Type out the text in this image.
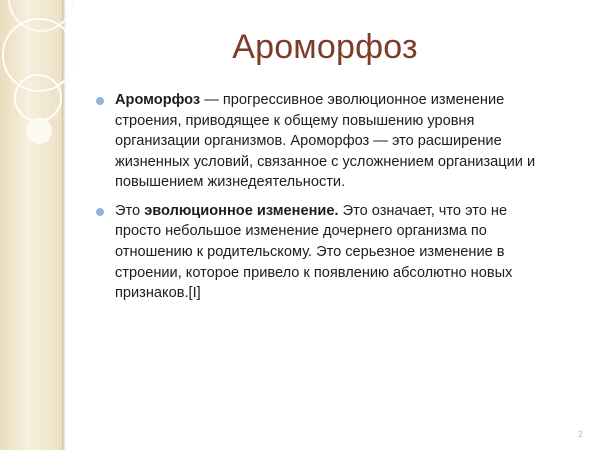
Ароморфоз
Ароморфоз — прогрессивное эволюционное изменение строения, приводящее к общему повышению уровня организации организмов. Ароморфоз — это расширение жизненных условий, связанное с усложнением организации и повышением жизнедеятельности.
Это эволюционное изменение. Это означает, что это не просто небольшое изменение дочернего организма по отношению к родительскому. Это серьезное изменение в строении, которое привело к появлению абсолютно новых признаков.[I]
2
